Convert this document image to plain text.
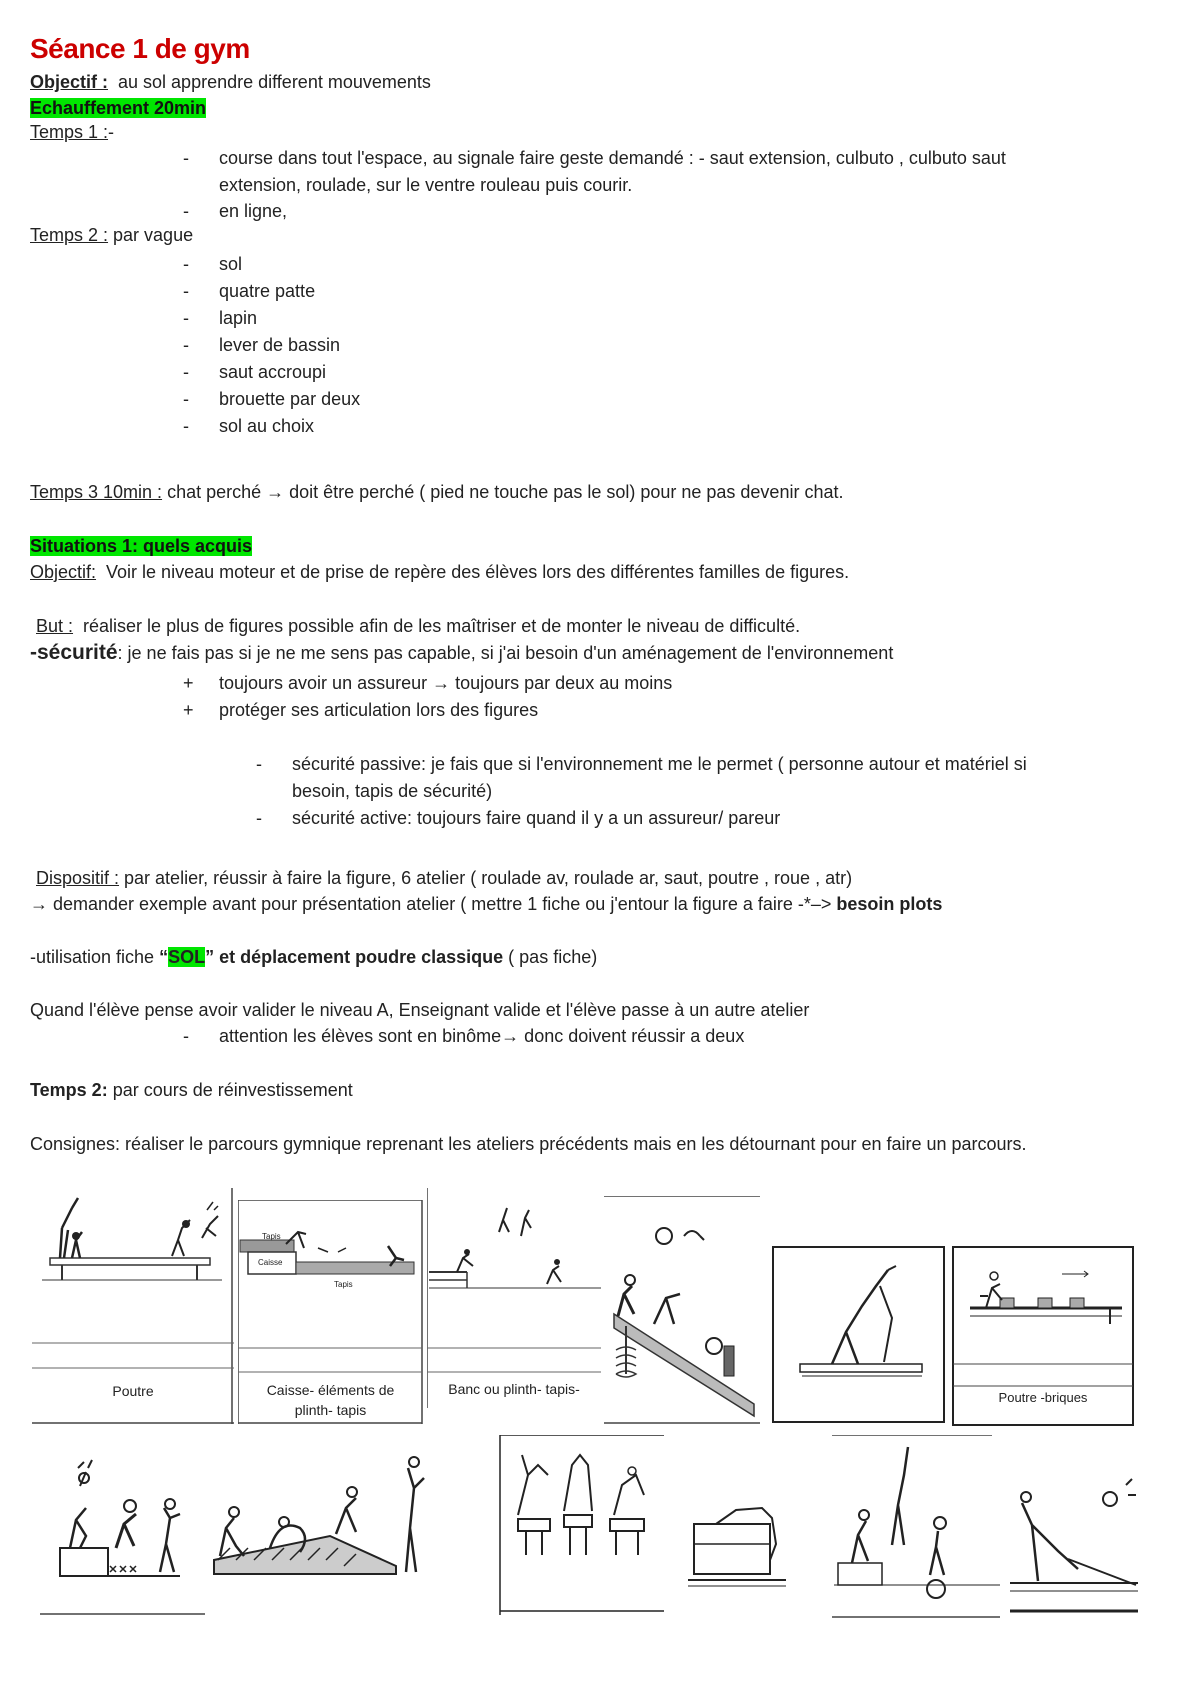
Séance 1 de gym
Objectif :  au sol apprendre different mouvements
Echauffement 20min
Temps 1 :-
- course dans tout l'espace, au signale faire geste demandé : - saut extension, culbuto , culbuto saut
extension, roulade, sur le ventre rouleau puis courir.
- en ligne,
Temps 2 : par vague
- sol
- quatre patte
- lapin
- lever de bassin
- saut accroupi
- brouette par deux
- sol au choix
Temps 3 10min : chat perché → doit être perché ( pied ne touche pas le sol) pour ne pas devenir chat.
Situations 1: quels acquis
Objectif:  Voir le niveau moteur et de prise de repère des élèves lors des différentes familles de figures.
But :  réaliser le plus de figures possible afin de les maîtriser et de monter le niveau de difficulté.
-sécurité: je ne fais pas si je ne me sens pas capable, si j'ai besoin d'un aménagement de l'environnement
+ toujours avoir un assureur → toujours par deux au moins
+ protéger ses articulation lors des figures
- sécurité passive: je fais que si l'environnement me le permet ( personne autour et matériel si
besoin, tapis de sécurité)
- sécurité active: toujours faire quand il y a un assureur/ pareur
Dispositif : par atelier, réussir à faire la figure, 6 atelier ( roulade av, roulade ar, saut, poutre , roue , atr)
→ demander exemple avant pour présentation atelier ( mettre 1 fiche ou j'entour la figure a faire -*–> besoin plots
-utilisation fiche “SOL” et déplacement poudre classique ( pas fiche)
Quand l'élève pense avoir valider le niveau A, Enseignant valide et l'élève passe à un autre atelier
- attention les élèves sont en binôme→ donc doivent réussir a deux
Temps 2: par cours de réinvestissement
Consignes: réaliser le parcours gymnique reprenant les ateliers précédents mais en les détournant pour en faire un parcours.
Poutre
Tapis
Caisse
Tapis
Caisse- éléments de
plinth- tapis
Banc ou plinth- tapis-
Poutre -briques
